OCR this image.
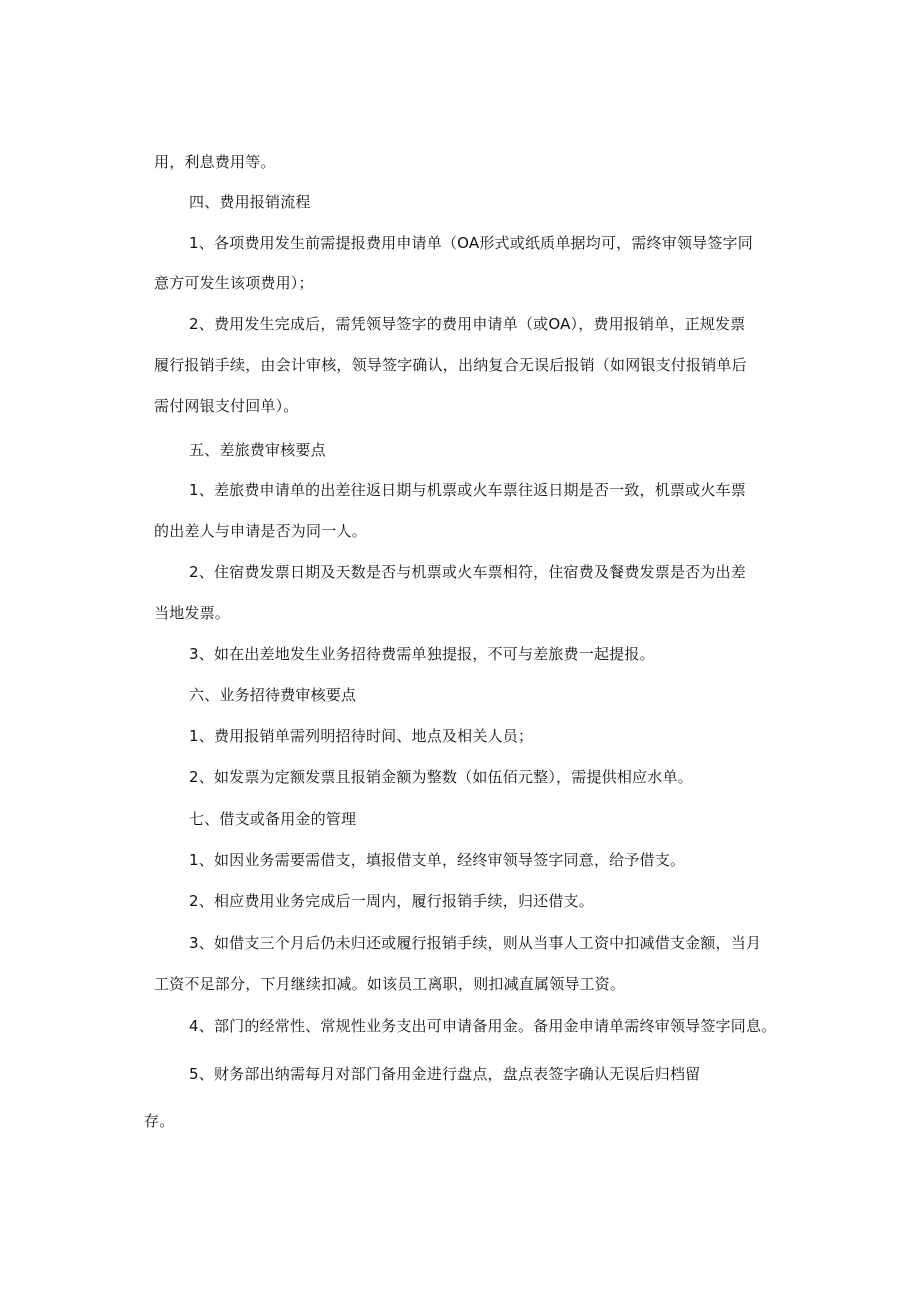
用，利息费用等。
四、费用报销流程
1、各项费用发生前需提报费用申请单（OA形式或纸质单据均可，需终审领导签字同
意方可发生该项费用）；
2、费用发生完成后，需凭领导签字的费用申请单（或OA），费用报销单，正规发票
履行报销手续，由会计审核，领导签字确认，出纳复合无误后报销（如网银支付报销单后
需付网银支付回单）。
五、差旅费审核要点
1、差旅费申请单的出差往返日期与机票或火车票往返日期是否一致，机票或火车票
的出差人与申请是否为同一人。
2、住宿费发票日期及天数是否与机票或火车票相符，住宿费及餐费发票是否为出差
当地发票。
3、如在出差地发生业务招待费需单独提报，不可与差旅费一起提报。
六、业务招待费审核要点
1、费用报销单需列明招待时间、地点及相关人员；
2、如发票为定额发票且报销金额为整数（如伍佰元整），需提供相应水单。
七、借支或备用金的管理
1、如因业务需要需借支，填报借支单，经终审领导签字同意，给予借支。
2、相应费用业务完成后一周内，履行报销手续，归还借支。
3、如借支三个月后仍未归还或履行报销手续，则从当事人工资中扣减借支金额，当月
工资不足部分，下月继续扣减。如该员工离职，则扣减直属领导工资。
4、部门的经常性、常规性业务支出可申请备用金。备用金申请单需终审领导签字同息。
5、财务部出纳需每月对部门备用金进行盘点，盘点表签字确认无误后归档留
存。
